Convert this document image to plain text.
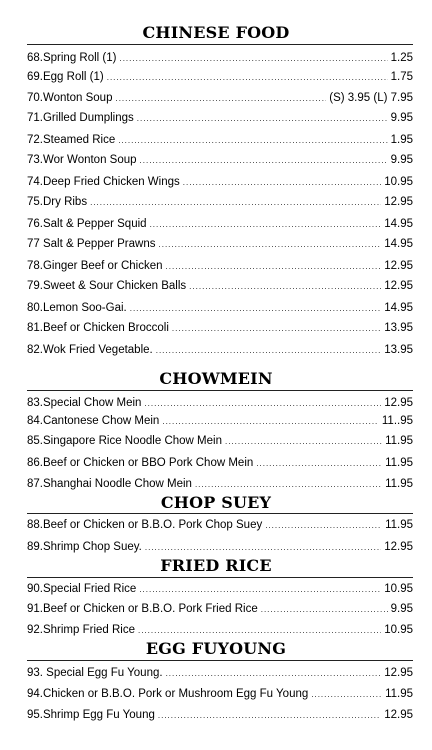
CHINESE FOOD
68.Spring Roll (1) .....	1.25
69.Egg Roll (1) .....	1.75
70.Wonton Soup .....	(S) 3.95 (L) 7.95
71.Grilled Dumplings .....	9.95
72.Steamed Rice .....	1.95
73.Wor Wonton Soup .....	9.95
74.Deep Fried Chicken Wings .....	10.95
75.Dry Ribs .....	12.95
76.Salt & Pepper Squid .....	14.95
77 Salt & Pepper Prawns .....	14.95
78.Ginger Beef or Chicken .....	12.95
79.Sweet & Sour Chicken Balls .....	12.95
80.Lemon Soo-Gai. .....	14.95
81.Beef or Chicken Broccoli .....	13.95
82.Wok Fried Vegetable. .....	13.95
CHOWMEIN
83.Special Chow Mein .....	12.95
84.Cantonese Chow Mein .....	11..95
85.Singapore Rice Noodle Chow Mein .....	11.95
86.Beef or Chicken or BBO Pork Chow Mein .....	11.95
87.Shanghai Noodle Chow Mein .....	11.95
CHOP SUEY
88.Beef or Chicken or B.B.O. Pork Chop Suey .....	11.95
89.Shrimp Chop Suey. .....	12.95
FRIED RICE
90.Special Fried Rice .....	10.95
91.Beef or Chicken or B.B.O. Pork Fried Rice .....	9.95
92.Shrimp Fried Rice .....	10.95
EGG FUYOUNG
93. Special Egg Fu Young. .....	12.95
94.Chicken or B.B.O. Pork or Mushroom Egg Fu Young .....	11.95
95.Shrimp Egg Fu Young .....	12.95
